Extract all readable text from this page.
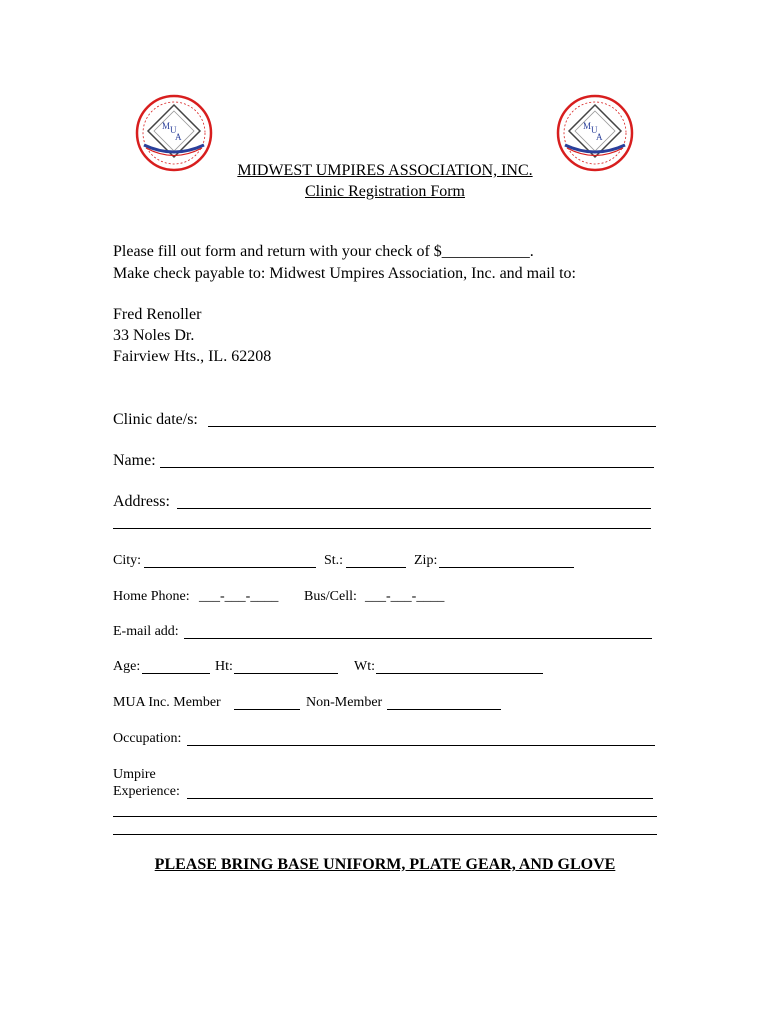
M U
A
M U
A
MIDWEST UMPIRES ASSOCIATION, INC.
Clinic Registration Form
Please fill out form and return with your check of $___________.
Make check payable to: Midwest Umpires Association, Inc. and mail to:
Fred Renoller
33 Noles Dr.
Fairview Hts., IL. 62208
Clinic date/s:
Name:
Address:
City:	St.:	Zip:
Home Phone: ___-___-____ Bus/Cell: ___-___-____
E-mail add:
Age:	Ht:	Wt:
MUA Inc. Member	Non-Member
Occupation:
Umpire
Experience:
PLEASE BRING BASE UNIFORM, PLATE GEAR, AND GLOVE
